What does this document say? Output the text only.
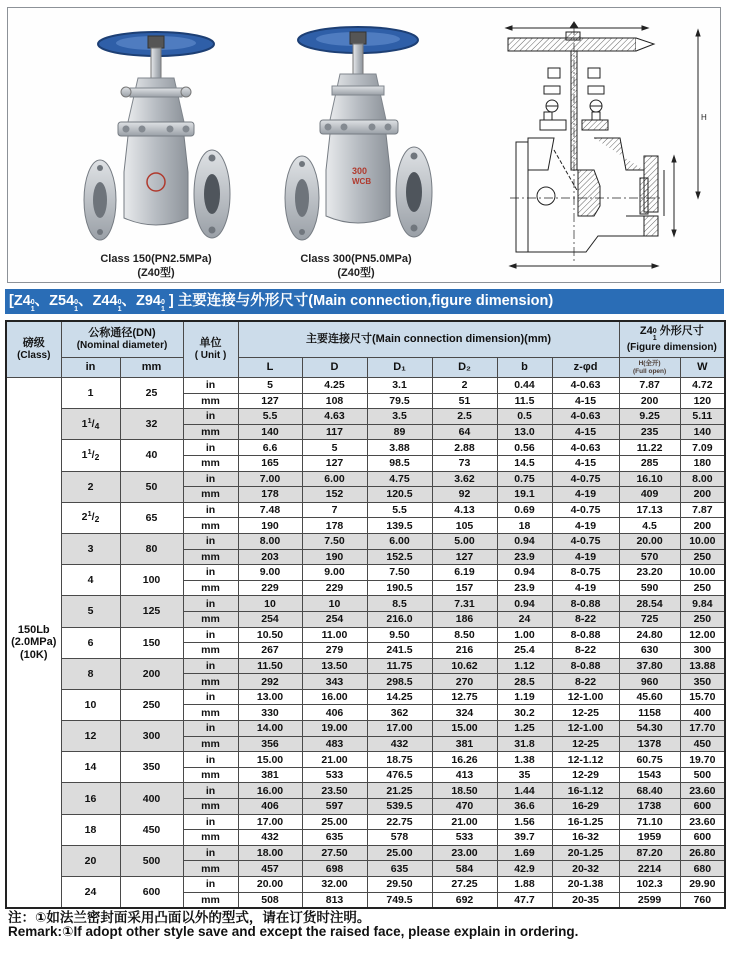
Class 150(PN2.5MPa)
(Z40型)
300
WCB
Class 300(PN5.0MPa)
(Z40型)
H
[Z4 0
1 、Z54 0
1 、Z44 0
1 、Z94 0
1 ] 主要连接与外形尺寸(Main connection,figure dimension)
磅级
(Class)

公称通径(DN)
(Nominal diameter)	单位
( Unit )

主要连接尺寸(Main connection dimension)(mm)

Z4 0
1
外形尺寸
(Figure dimension)

	in	mm		L	D	D₁	D₂	b	z-φd	H(全开)
(Full open)	W

150Lb
(2.0MPa)
(10K)	1	25	in	5	4.25	3.1	2	0.44	4-0.63	7.87	4.72
			mm	127	108	79.5	51	11.5	4-15	200	120
	$1^1/_4$	32	in	5.5	4.63	3.5	2.5	0.5	4-0.63	9.25	5.11
			mm	140	117	89	64	13.0	4-15	235	140
	$1^1/_2$	40	in	6.6	5	3.88	2.88	0.56	4-0.63	11.22	7.09
			mm	165	127	98.5	73	14.5	4-15	285	180
	2	50	in	7.00	6.00	4.75	3.62	0.75	4-0.75	16.10	8.00
			mm	178	152	120.5	92	19.1	4-19	409	200
	$2^1/_2$	65	in	7.48	7	5.5	4.13	0.69	4-0.75	17.13	7.87
			mm	190	178	139.5	105	18	4-19	4.5	200
	3	80	in	8.00	7.50	6.00	5.00	0.94	4-0.75	20.00	10.00
			mm	203	190	152.5	127	23.9	4-19	570	250
	4	100	in	9.00	9.00	7.50	6.19	0.94	8-0.75	23.20	10.00
			mm	229	229	190.5	157	23.9	4-19	590	250
	5	125	in	10	10	8.5	7.31	0.94	8-0.88	28.54	9.84
			mm	254	254	216.0	186	24	8-22	725	250
	6	150	in	10.50	11.00	9.50	8.50	1.00	8-0.88	24.80	12.00
			mm	267	279	241.5	216	25.4	8-22	630	300
	8	200	in	11.50	13.50	11.75	10.62	1.12	8-0.88	37.80	13.88
			mm	292	343	298.5	270	28.5	8-22	960	350
	10	250	in	13.00	16.00	14.25	12.75	1.19	12-1.00	45.60	15.70
			mm	330	406	362	324	30.2	12-25	1158	400
	12	300	in	14.00	19.00	17.00	15.00	1.25	12-1.00	54.30	17.70
			mm	356	483	432	381	31.8	12-25	1378	450
	14	350	in	15.00	21.00	18.75	16.26	1.38	12-1.12	60.75	19.70
			mm	381	533	476.5	413	35	12-29	1543	500
	16	400	in	16.00	23.50	21.25	18.50	1.44	16-1.12	68.40	23.60
			mm	406	597	539.5	470	36.6	16-29	1738	600
	18	450	in	17.00	25.00	22.75	21.00	1.56	16-1.25	71.10	23.60
			mm	432	635	578	533	39.7	16-32	1959	600
	20	500	in	18.00	27.50	25.00	23.00	1.69	20-1.25	87.20	26.80
			mm	457	698	635	584	42.9	20-32	2214	680
	24	600	in	20.00	32.00	29.50	27.25	1.88	20-1.38	102.3	29.90
			mm	508	813	749.5	692	47.7	20-35	2599	760
注：①如法兰密封面采用凸面以外的型式，请在订货时注明。
Remark:①If adopt other style save and except the raised face, please explain in ordering.
